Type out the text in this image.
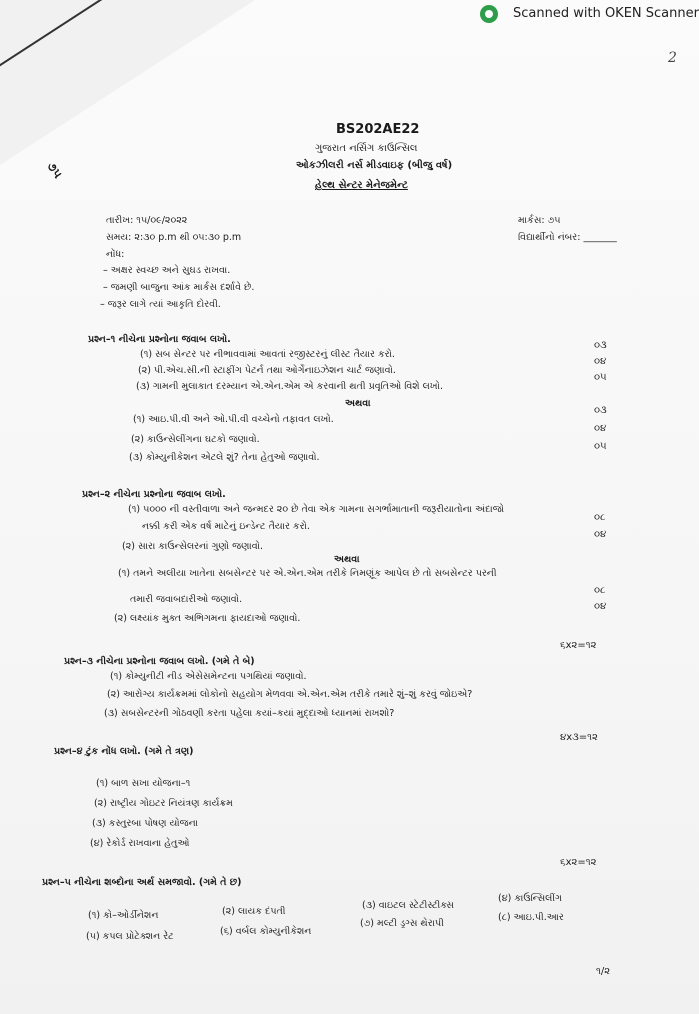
Scanned with OKEN Scanner
2
૭૫
BS202AE22
ગુજરાત નર્સિંગ કાઉન્સિલ
ઓકઝીલરી નર્સ મીડવાઇફ (બીજુ વર્ષ)
હેલ્થ સેન્ટર મેનેજમેન્ટ
તારીખ: ૧૫/૦૯/૨૦૨૨
સમય: ૨:૩૦ p.m થી ૦૫:૩૦ p.m
નોંધ:
– અક્ષર સ્વચ્છ અને સુઘડ રાખવા.
– જમણી બાજુના આંક માર્કસ દર્શાવે છે.
– જરૂર લાગે ત્યાં આકૃતિ દોરવી.
માર્કસ: ૭૫
વિદ્યાર્થીનો નંબર: _______
પ્રશ્ન–૧ નીચેના પ્રશ્નોના જવાબ લખો.
(૧) સબ સેન્ટર પર નીભાવવામાં આવતાં રજીસ્ટરનું લીસ્ટ તૈયાર કરો.
(૨) પી.એચ.સી.ની સ્ટાફીંગ પેટર્ન તથા ઓર્ગેનાઇઝેશન ચાર્ટ જણાવો.
(૩) ગામની મુલાકાત દરમ્યાન એ.એન.એમ એ કરવાની થતી પ્રવૃતિઓ વિશે લખો.
૦૩
૦૪
૦૫
અથવા
(૧) આઇ.પી.વી અને ઓ.પી.વી વચ્ચેનો તફાવત લખો.
(૨) કાઉન્સેલીંગના ઘટકો જણાવો.
(૩) કોમ્યુનીકેશન એટલે શું? તેના હેતુઓ જણાવો.
૦૩
૦૪
૦૫
પ્રશ્ન–૨ નીચેના પ્રશ્નોના જવાબ લખો.
(૧) ૫૦૦૦ ની વસ્તીવાળા અને જન્મદર ૨૦ છે તેવા એક ગામના સગર્ભામાતાની જરૂરીયાતોના અંદાજો
નક્કી કરી એક વર્ષ માટેનું ઇન્ડેન્ટ તૈયાર કરો.
(૨) સારા કાઉન્સેલરનાં ગુણો જણાવો.
૦૮
૦૪
અથવા
(૧) તમને અલીયા ખાતેના સબસેન્ટર પર એ.એન.એમ તરીકે નિમણૂંક આપેલ છે તો સબસેન્ટર પરની
તમારી જવાબદારીઓ જણાવો.
(૨) લક્ષ્યાંક મુક્ત અભિગમના ફાયદાઓ જણાવો.
૦૮
૦૪
૬x૨=૧૨
પ્રશ્ન–૩ નીચેના પ્રશ્નોના જવાબ લખો. (ગમે તે બે)
(૧) કોમ્યુનીટી નીડ એસેસમેન્ટના પગથિયાં જણાવો.
(૨) આરોગ્ય કાર્યક્રમમાં લોકોનો સહયોગ મેળવવા એ.એન.એમ તરીકે તમારે શું–શું કરવું જોઇએ?
(૩) સબસેન્ટરની ગોઠવણી કરતા પહેલા કયાં–કયાં મુદ્દાઓ ધ્યાનમાં રાખશો?
૪x૩=૧૨
પ્રશ્ન–૪ ટુંક નોંધ લખો. (ગમે તે ત્રણ)
(૧) બાળ સખા યોજના–૧
(૨) રાષ્ટ્રીય ગોઇટર નિયંત્રણ કાર્યક્રમ
(૩) કસ્તુરબા પોષણ યોજના
(૪) રેકોર્ડ રાખવાના હેતુઓ
૬x૨=૧૨
પ્રશ્ન–૫ નીચેના શબ્દોના અર્થ સમજાવો. (ગમે તે છ)
(૧) કો–ઓર્ડીનેશન	(૨) લાયક દંપતી
(૩) વાઇટલ સ્ટેટીસ્ટીક્સ
(૪) કાઉન્સિલીંગ
(૫) કપલ પ્રોટેક્શન રેટ	(૬) વર્બલ કોમ્યુનીકેશન
(૭) મલ્ટી ડ્રગ્સ થેરાપી
(૮) આઇ.પી.આર
૧/૨
